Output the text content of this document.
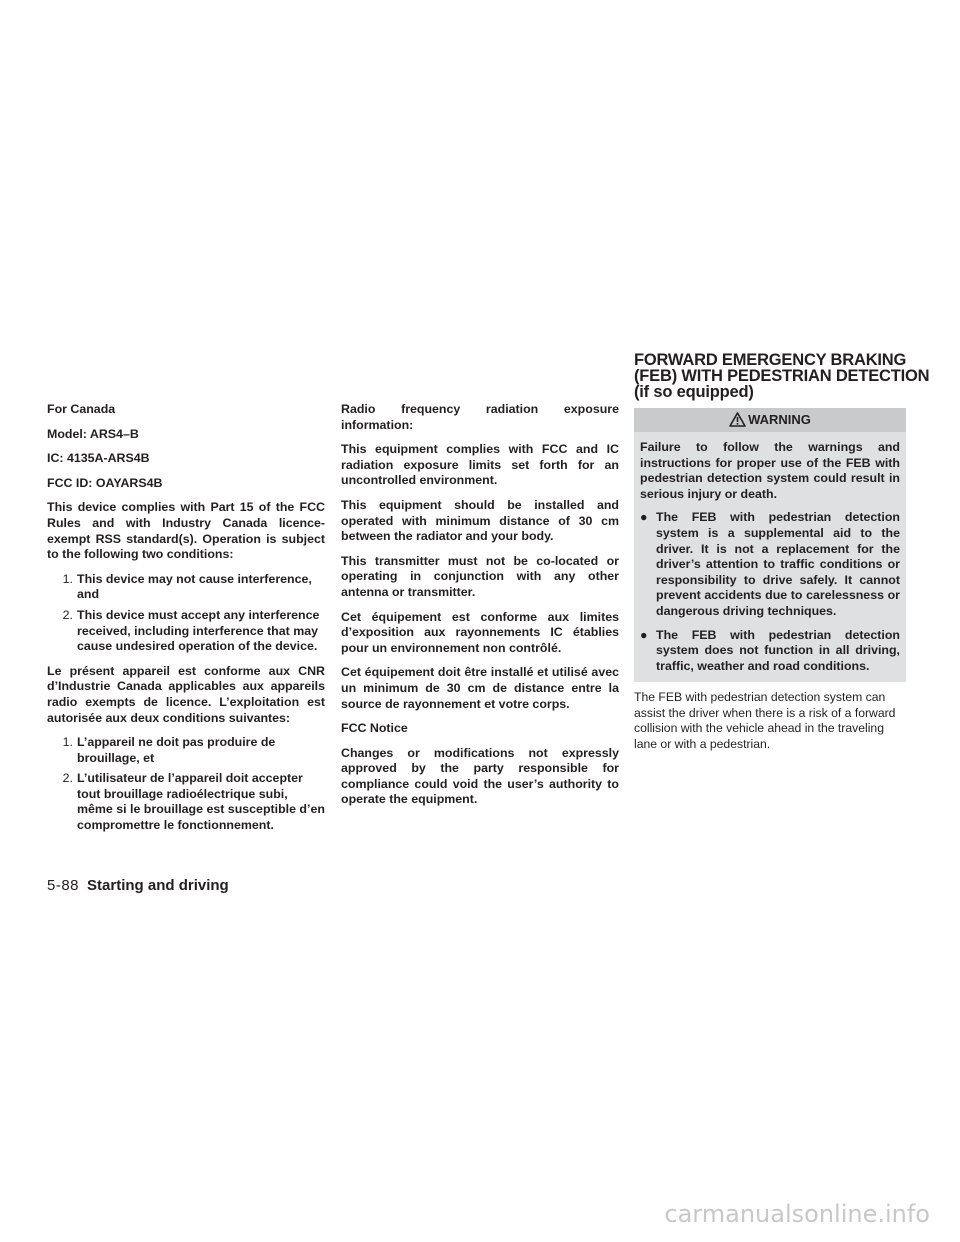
For Canada

Model: ARS4–B

IC: 4135A-ARS4B

FCC ID: OAYARS4B

This device complies with Part 15 of the FCC Rules and with Industry Canada licence-exempt RSS standard(s). Operation is subject to the following two conditions:

1. This device may not cause interference, and
2. This device must accept any interference received, including interference that may cause undesired operation of the device.

Le présent appareil est conforme aux CNR d’Industrie Canada applicables aux appareils radio exempts de licence. L’exploitation est autorisée aux deux conditions suivantes:

1. L’appareil ne doit pas produire de brouillage, et
2. L’utilisateur de l’appareil doit accepter tout brouillage radioélectrique subi, même si le brouillage est susceptible d’en compromettre le fonctionnement.

Radio frequency radiation exposure information:

This equipment complies with FCC and IC radiation exposure limits set forth for an uncontrolled environment.

This equipment should be installed and operated with minimum distance of 30 cm between the radiator and your body.

This transmitter must not be co-located or operating in conjunction with any other antenna or transmitter.

Cet équipement est conforme aux limites d’exposition aux rayonnements IC établies pour un environnement non contrôlé.

Cet équipement doit être installé et utilisé avec un minimum de 30 cm de distance entre la source de rayonnement et votre corps.

FCC Notice

Changes or modifications not expressly approved by the party responsible for compliance could void the user’s authority to operate the equipment.

FORWARD EMERGENCY BRAKING
(FEB) WITH PEDESTRIAN DETECTION
(if so equipped)
WARNING

Failure to follow the warnings and instructions for proper use of the FEB with pedestrian detection system could result in serious injury or death.

● The FEB with pedestrian detection system is a supplemental aid to the driver. It is not a replacement for the driver’s attention to traffic conditions or responsibility to drive safely. It cannot prevent accidents due to carelessness or dangerous driving techniques.
● The FEB with pedestrian detection system does not function in all driving, traffic, weather and road conditions.

The FEB with pedestrian detection system can assist the driver when there is a risk of a forward collision with the vehicle ahead in the traveling lane or with a pedestrian.

5-88 Starting and driving
carmanualsonline.info
